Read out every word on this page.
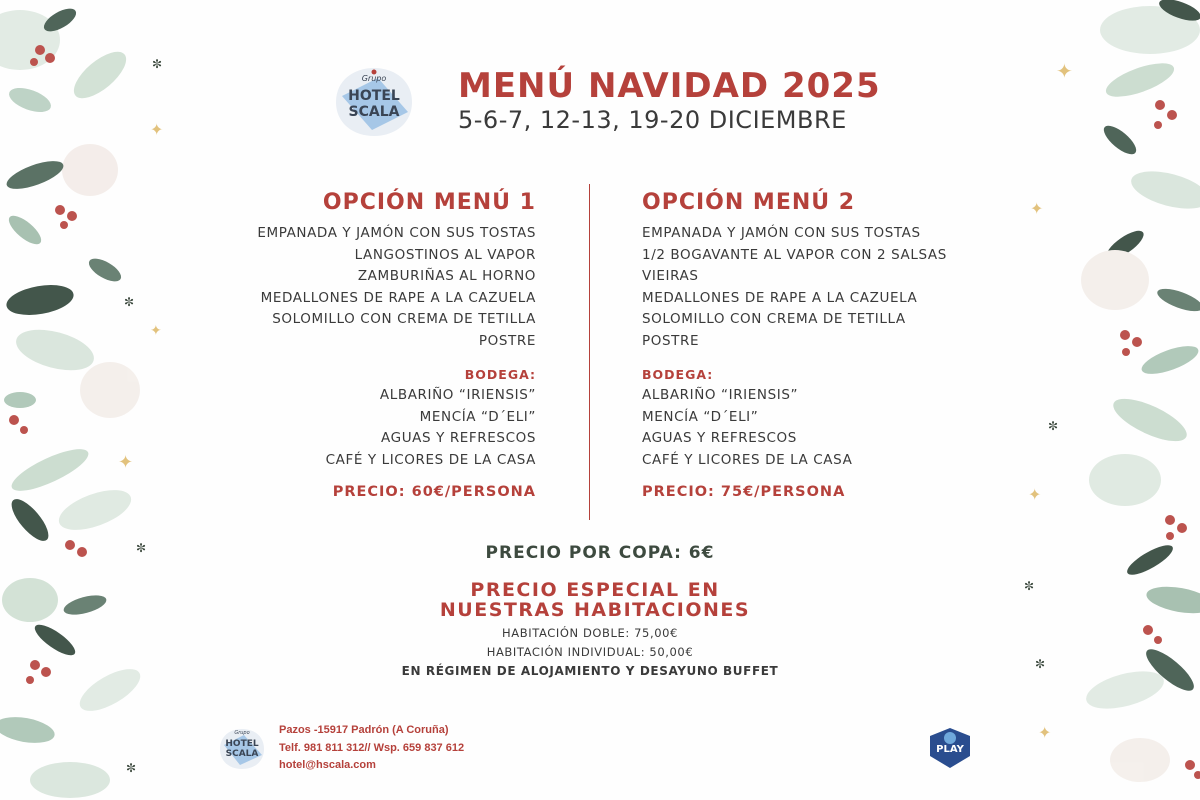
✦
✦
✦
✼
✼
✼
✼
✦
✦
✦
✦
✼
✼
✼
Grupo
HOTEL
SCALA
MENÚ NAVIDAD 2025
5-6-7, 12-13, 19-20 DICIEMBRE
OPCIÓN MENÚ 1
EMPANADA Y JAMÓN CON SUS TOSTAS
LANGOSTINOS AL VAPOR
ZAMBURIÑAS AL HORNO
MEDALLONES DE RAPE A LA CAZUELA
SOLOMILLO CON CREMA DE TETILLA
POSTRE
BODEGA:
ALBARIÑO “IRIENSIS”
MENCÍA “D´ELI”
AGUAS Y REFRESCOS
CAFÉ Y LICORES DE LA CASA
PRECIO: 60€/PERSONA
OPCIÓN MENÚ 2
EMPANADA Y JAMÓN CON SUS TOSTAS
1/2 BOGAVANTE AL VAPOR CON 2 SALSAS
VIEIRAS
MEDALLONES DE RAPE A LA CAZUELA
SOLOMILLO CON CREMA DE TETILLA
POSTRE
BODEGA:
ALBARIÑO “IRIENSIS”
MENCÍA “D´ELI”
AGUAS Y REFRESCOS
CAFÉ Y LICORES DE LA CASA
PRECIO: 75€/PERSONA
PRECIO POR COPA: 6€
PRECIO ESPECIAL EN
NUESTRAS HABITACIONES
HABITACIÓN DOBLE: 75,00€
HABITACIÓN INDIVIDUAL: 50,00€
EN RÉGIMEN DE ALOJAMIENTO Y DESAYUNO BUFFET
Grupo
HOTEL
SCALA
Pazos -15917 Padrón (A Coruña)
Telf. 981 811 312// Wsp. 659 837 612
hotel@hscala.com
PLAY
